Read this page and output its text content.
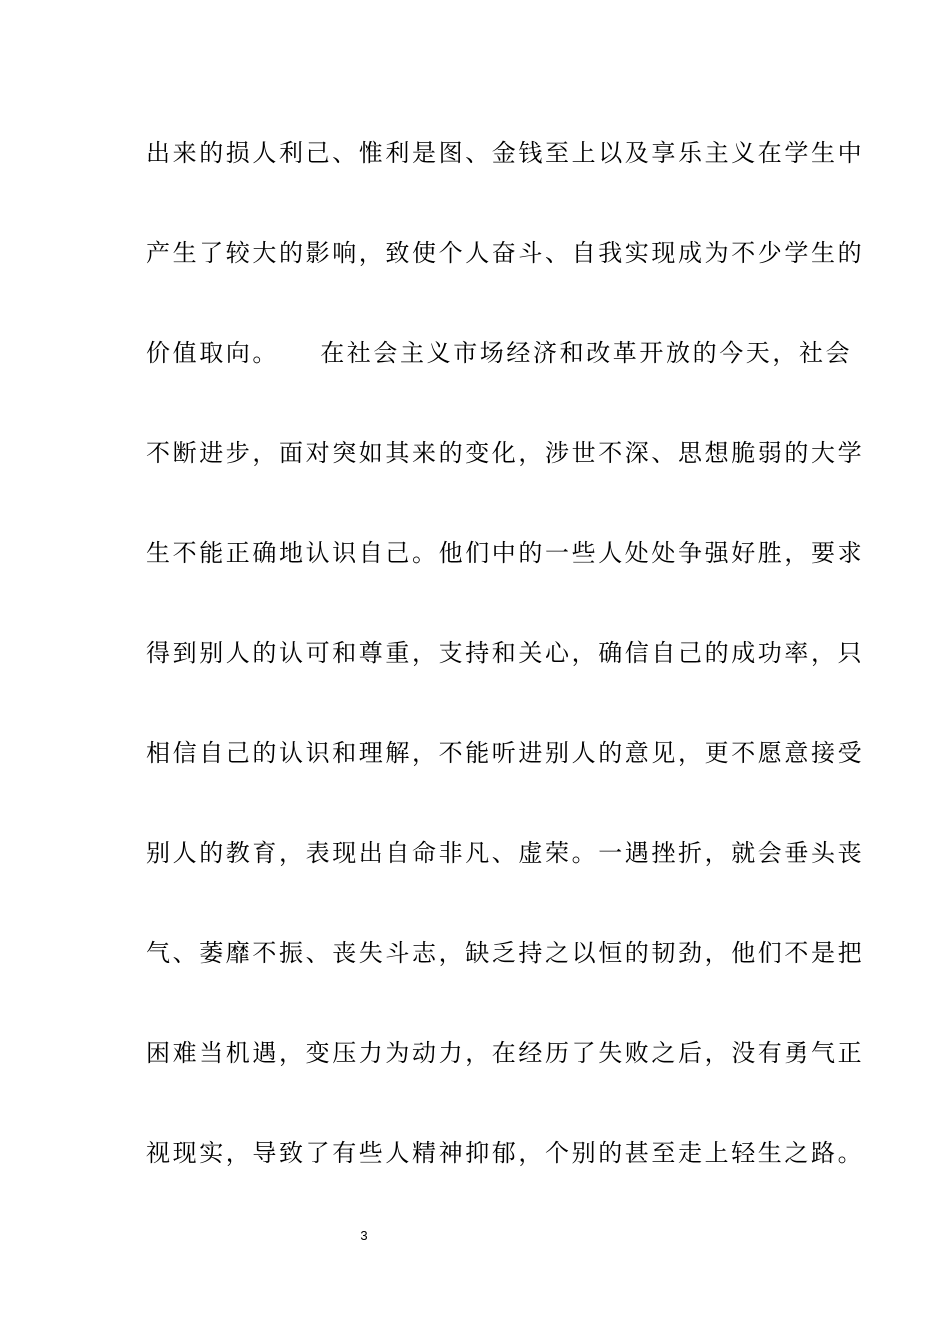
出来的损人利己、惟利是图、金钱至上以及享乐主义在学生中
产生了较大的影响，致使个人奋斗、自我实现成为不少学生的
价值取向。　　在社会主义市场经济和改革开放的今天，社会
不断进步，面对突如其来的变化，涉世不深、思想脆弱的大学
生不能正确地认识自己。他们中的一些人处处争强好胜，要求
得到别人的认可和尊重，支持和关心，确信自己的成功率，只
相信自己的认识和理解，不能听进别人的意见，更不愿意接受
别人的教育，表现出自命非凡、虚荣。一遇挫折，就会垂头丧
气、萎靡不振、丧失斗志，缺乏持之以恒的韧劲，他们不是把
困难当机遇，变压力为动力，在经历了失败之后，没有勇气正
视现实，导致了有些人精神抑郁，个别的甚至走上轻生之路。
3
